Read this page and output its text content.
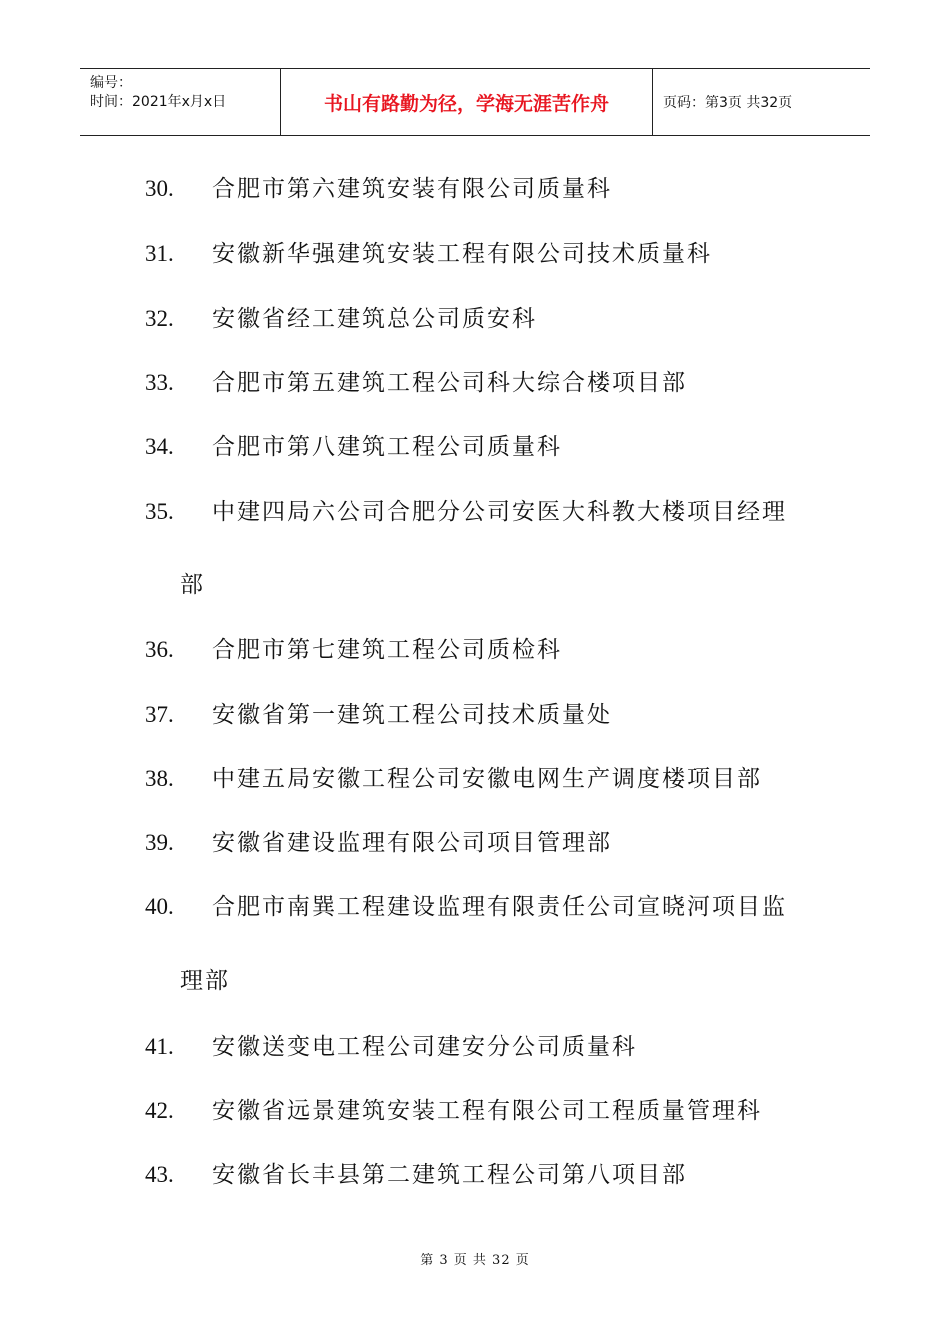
编号：
时间：2021年x月x日	书山有路勤为径，学海无涯苦作舟	页码：第3页 共32页
30. 合肥市第六建筑安装有限公司质量科
31. 安徽新华强建筑安装工程有限公司技术质量科
32. 安徽省经工建筑总公司质安科
33. 合肥市第五建筑工程公司科大综合楼项目部
34. 合肥市第八建筑工程公司质量科
35. 中建四局六公司合肥分公司安医大科教大楼项目经理
部
36. 合肥市第七建筑工程公司质检科
37. 安徽省第一建筑工程公司技术质量处
38. 中建五局安徽工程公司安徽电网生产调度楼项目部
39. 安徽省建设监理有限公司项目管理部
40. 合肥市南巽工程建设监理有限责任公司宣晓河项目监
理部
41. 安徽送变电工程公司建安分公司质量科
42. 安徽省远景建筑安装工程有限公司工程质量管理科
43. 安徽省长丰县第二建筑工程公司第八项目部
第 3 页 共 32 页
